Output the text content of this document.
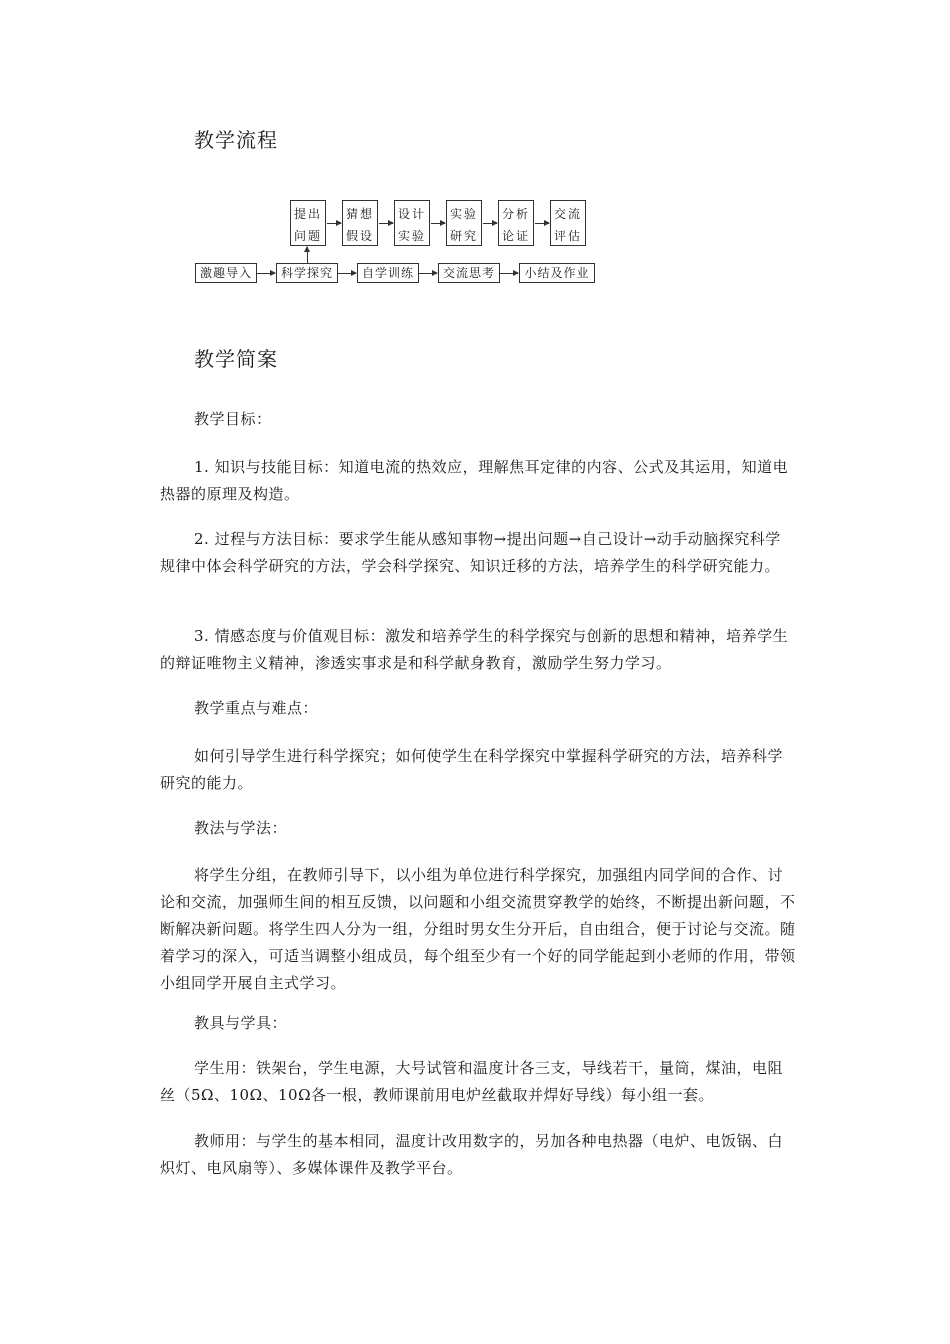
教学流程
提出
问题
猜想
假设
设计
实验
实验
研究
分析
论证
交流
评估
激趣导入	科学探究	自学训练	交流思考	小结及作业
教学简案
教学目标：
1. 知识与技能目标：知道电流的热效应，理解焦耳定律的内容、公式及其运用，知道电热器的原理及构造。
2. 过程与方法目标：要求学生能从感知事物→提出问题→自己设计→动手动脑探究科学规律中体会科学研究的方法，学会科学探究、知识迁移的方法，培养学生的科学研究能力。
3. 情感态度与价值观目标：激发和培养学生的科学探究与创新的思想和精神，培养学生的辩证唯物主义精神，渗透实事求是和科学献身教育，激励学生努力学习。
教学重点与难点：
如何引导学生进行科学探究；如何使学生在科学探究中掌握科学研究的方法，培养科学研究的能力。
教法与学法：
将学生分组，在教师引导下，以小组为单位进行科学探究，加强组内同学间的合作、讨论和交流，加强师生间的相互反馈，以问题和小组交流贯穿教学的始终，不断提出新问题，不断解决新问题。将学生四人分为一组，分组时男女生分开后，自由组合，便于讨论与交流。随着学习的深入，可适当调整小组成员，每个组至少有一个好的同学能起到小老师的作用，带领小组同学开展自主式学习。
教具与学具：
学生用：铁架台，学生电源，大号试管和温度计各三支，导线若干，量筒，煤油，电阻丝（5Ω、10Ω、10Ω各一根，教师课前用电炉丝截取并焊好导线）每小组一套。
教师用：与学生的基本相同，温度计改用数字的，另加各种电热器（电炉、电饭锅、白炽灯、电风扇等）、多媒体课件及教学平台。
